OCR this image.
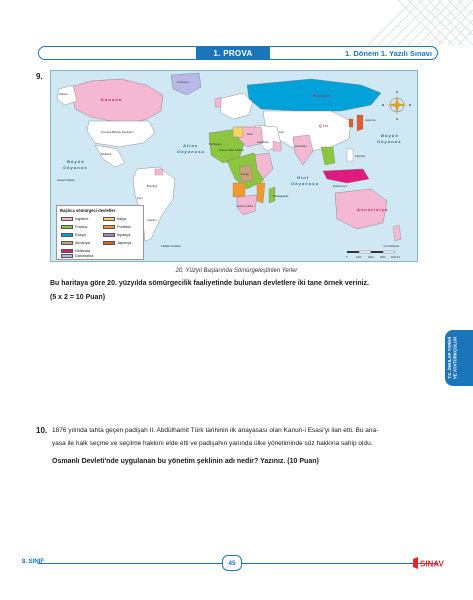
1. PROVA	1. Dönem 1. Yazılı Sınavı
9.
A t l a s
O k y a n u s u
B ü y ü k
O k y a n u s
B ü y ü k
O k y a n u s
H i n t
O k y a n u s u
K a n a d a
R u s y a
Ç i n
A v u s t r a l y a
Grönland
Alaska
Amerika Birleşik Devletleri
Meksika
Brezilya
Peru
Arjantin
Falkland Adaları
Hawaii Adaları
Moritanya
Fransız Batı Afrikası
Mısır
Kongo
Madagaskar
Güney Afrika
Hindistan
Japonya
Filipinler
Endonezya
İran
Arabistan
Yeni Zelanda
K
G
D
B
0	1000	2000	3000 4000 km
Başlıca sömürgeci devletler
İngiltere	İtalya
Fransa	Portekiz
Rusya	İspanya
Almanya	Japonya
Hollanda
Danimarka
20. Yüzyıl Başlarında Sömürgeleştirilen Yerler
Bu haritaya göre 20. yüzyılda sömürgecilik faaliyetinde bulunan devletlere iki tane örnek veriniz.
(5 x 2 = 10 Puan)
T.C. İNKILAP TARİHİ
VE ATATÜRKÇÜLÜK
10. 1876 yılında tahta geçen padişah II. Abdülhamit Türk tarihinin ilk anayasası olan Kanun-i Esasi'yi ilan etti. Bu ana-
yasa ile halk seçme ve seçilme hakkını elde etti ve padişahın yanında ülke yönetiminde söz hakkına sahip oldu.
Osmanlı Devleti'nde uygulanan bu yönetim şeklinin adı nedir? Yazınız. (10 Puan)
8. SINIF	45	SINAV
